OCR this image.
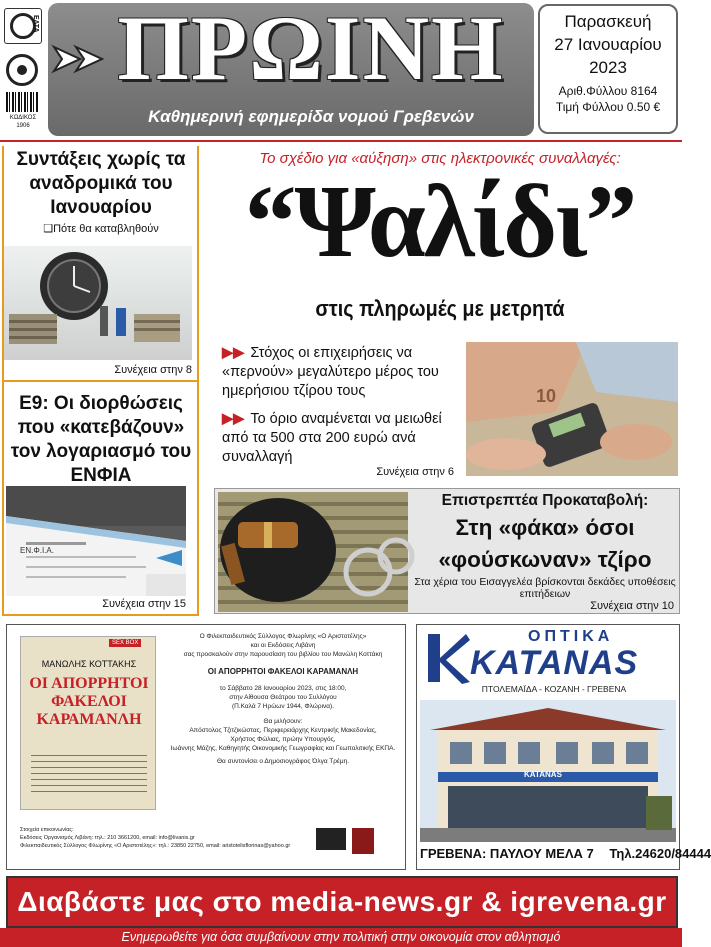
ΕΛΤΑ
ΚΩΔΙΚΟΣ
1906
ΠΡΩΙΝΗ
Καθημερινή εφημερίδα νομού Γρεβενών
Παρασκευή
27 Ιανουαρίου
2023
Αριθ.Φύλλου 8164
Τιμή Φύλλου 0.50 €
Συντάξεις χωρίς τα αναδρομικά του Ιανουαρίου
❑Πότε θα καταβληθούν
Συνέχεια στην 8
Ε9: Οι διορθώσεις που «κατεβάζουν» τον λογαριασμό του ΕΝΦΙΑ
ΕΝ.Φ.Ι.Α.
Συνέχεια στην 15
Το σχέδιο για «αύξηση» στις ηλεκτρονικές συναλλαγές:
“Ψαλίδι”
στις πληρωμές με μετρητά
▶▶ Στόχος οι επιχειρήσεις να «περνούν» μεγαλύτερο μέρος του ημερήσιου τζίρου τους
▶▶ Το όριο αναμένεται να μειωθεί από τα 500 στα 200 ευρώ ανά συναλλαγή
Συνέχεια στην 6
10
Επιστρεπτέα Προκαταβολή:
Στη «φάκα» όσοι «φούσκωναν» τζίρο
Στα χέρια του Εισαγγελέα βρίσκονται δεκάδες υποθέσεις επιτήδειων
Συνέχεια στην 10
SEX BOX
ΜΑΝΩΛΗΣ ΚΟΤΤΑΚΗΣ
ΟΙ ΑΠΟΡΡΗΤΟΙ ΦΑΚΕΛΟΙ ΚΑΡΑΜΑΝΛΗ
Ο Φιλεκπαιδευτικός Σύλλογος Φλωρίνης «Ο Αριστοτέλης»
και οι Εκδόσεις Λιβάνη
σας προσκαλούν στην παρουσίαση του βιβλίου του Μανώλη Κοττάκη
ΟΙ ΑΠΟΡΡΗΤΟΙ ΦΑΚΕΛΟΙ ΚΑΡΑΜΑΝΛΗ
το Σάββατο 28 Ιανουαρίου 2023, στις 18:00,
στην Αίθουσα Θεάτρου του Συλλόγου
(Π.Καλά 7 Ηρώων 1944, Φλώρινα).
Θα μιλήσουν:
Απόστολος Τζιτζικώστας, Περιφερειάρχης Κεντρικής Μακεδονίας,
Χρήστος Φώλιας, πρώην Υπουργός,
Ιωάννης Μάζης, Καθηγητής Οικονομικής Γεωγραφίας και Γεωπολιτικής ΕΚΠΑ.
Θα συντονίσει ο Δημοσιογράφος Όλγα Τρέμη.
Στοιχεία επικοινωνίας:
Εκδόσεις Οργανισμός Λιβάνη: τηλ.: 210 3661200, email: info@livanis.gr
Φιλεκπαιδευτικός Σύλλογος Φλωρίνης «Ο Αριστοτέλης»: τηλ.: 23850 22750, email: aristotelisflorinas@yahoo.gr
ΟΠΤΙΚΑ
KATANAS
ΠΤΟΛΕΜΑΪΔΑ - ΚΟΖΑΝΗ - ΓΡΕΒΕΝΑ
KATANAS
ΓΡΕΒΕΝΑ: ΠΑΥΛΟΥ ΜΕΛΑ 7 Τηλ.24620/84444
Διαβάστε μας στο media-news.gr & igrevena.gr
Ενημερωθείτε για όσα συμβαίνουν στην πολιτική στην οικονομία στον αθλητισμό
